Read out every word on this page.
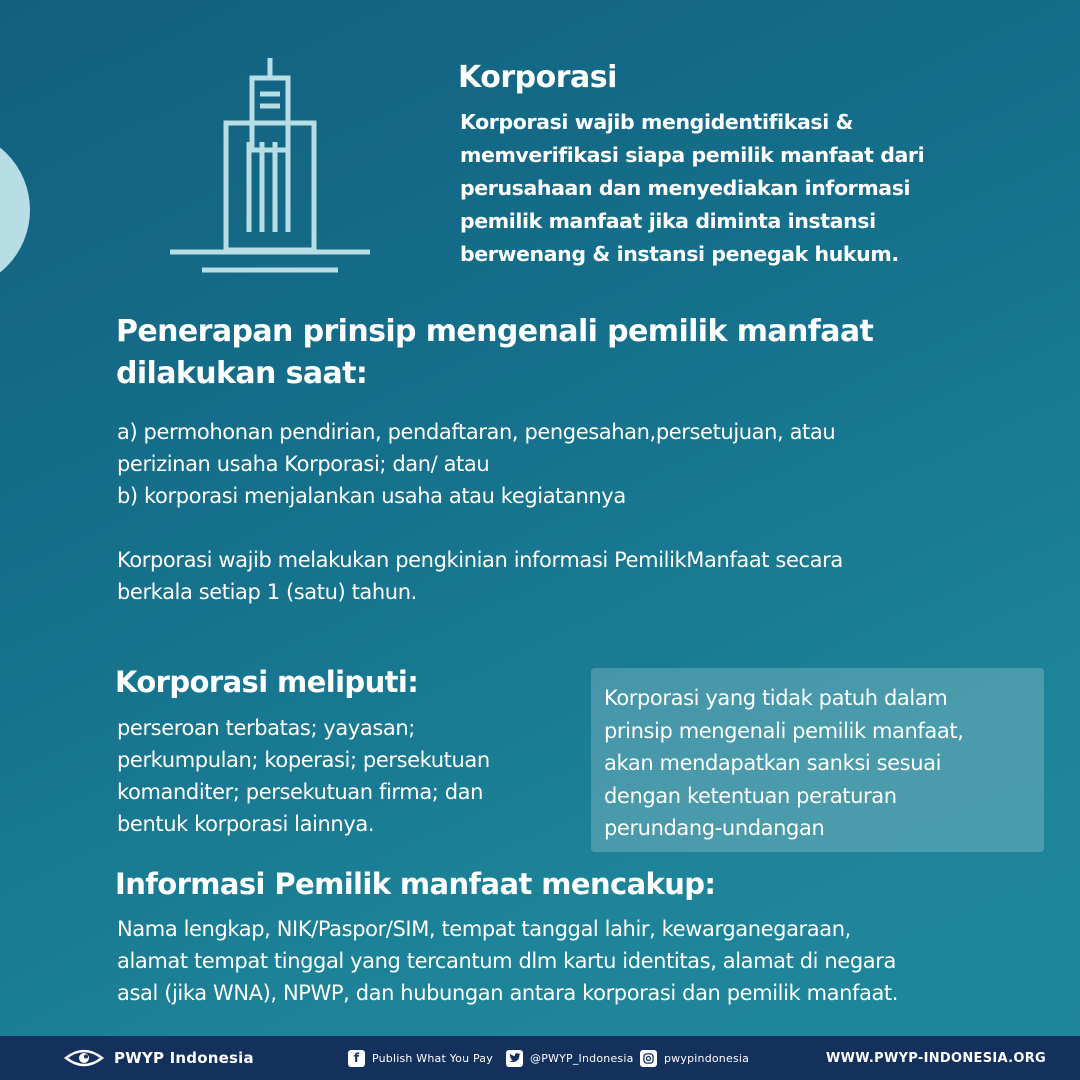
Korporasi
Korporasi wajib mengidentifikasi &
memverifikasi siapa pemilik manfaat dari
perusahaan dan menyediakan informasi
pemilik manfaat jika diminta instansi
berwenang & instansi penegak hukum.
Penerapan prinsip mengenali pemilik manfaat
dilakukan saat:
a) permohonan pendirian, pendaftaran, pengesahan,persetujuan, atau
perizinan usaha Korporasi; dan/ atau
b) korporasi menjalankan usaha atau kegiatannya
Korporasi wajib melakukan pengkinian informasi PemilikManfaat secara
berkala setiap 1 (satu) tahun.
Korporasi meliputi:
perseroan terbatas; yayasan;
perkumpulan; koperasi; persekutuan
komanditer; persekutuan firma; dan
bentuk korporasi lainnya.
Korporasi yang tidak patuh dalam
prinsip mengenali pemilik manfaat,
akan mendapatkan sanksi sesuai
dengan ketentuan peraturan
perundang-undangan
Informasi Pemilik manfaat mencakup:
Nama lengkap, NIK/Paspor/SIM, tempat tanggal lahir, kewarganegaraan,
alamat tempat tinggal yang tercantum dlm kartu identitas, alamat di negara
asal (jika WNA), NPWP, dan hubungan antara korporasi dan pemilik manfaat.
PWYP Indonesia	f	Publish What You Pay	@PWYP_Indonesia	pwypindonesia	WWW.PWYP-INDONESIA.ORG
